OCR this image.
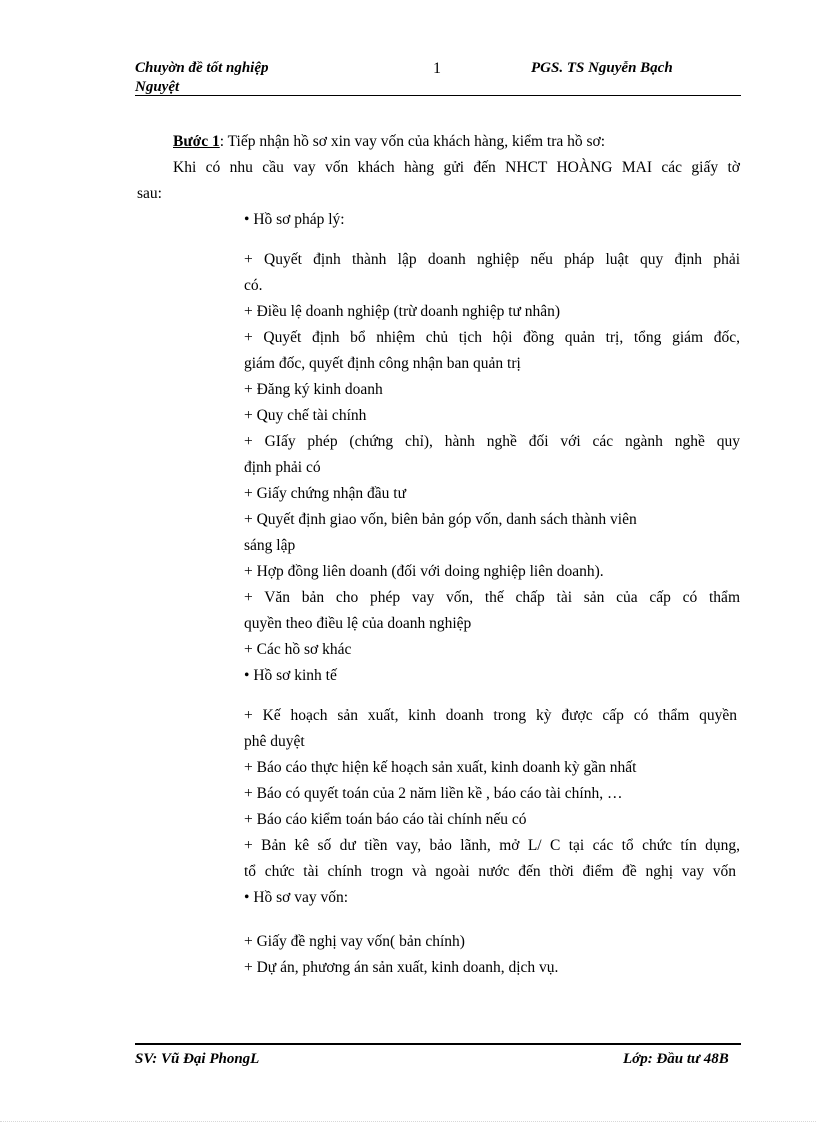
Chuyờn đề tốt nghiệp
Nguyệt
1	PGS. TS Nguyễn Bạch
Bước 1: Tiếp nhận hồ sơ xin vay vốn của khách hàng, kiểm tra hồ sơ:
Khi có nhu cầu vay vốn khách hàng gửi đến NHCT HOÀNG MAI các giấy tờ
sau:
• Hồ sơ pháp lý:
+ Quyết định thành lập doanh nghiệp nếu pháp luật quy định phải
có.
+ Điều lệ doanh nghiệp (trừ doanh nghiệp tư nhân)
+ Quyết định bổ nhiệm chủ tịch hội đồng quản trị, tổng giám đốc,
giám đốc, quyết định công nhận ban quản trị
+ Đăng ký kinh doanh
+ Quy chế tài chính
+ GIấy phép (chứng chỉ), hành nghề đối với các ngành nghề quy
định phải có
+ Giấy chứng nhận đầu tư
+ Quyết định giao vốn, biên bản góp vốn, danh sách thành viên
sáng lập
+ Hợp đồng liên doanh (đối với doing nghiệp liên doanh).
+ Văn bản cho phép vay vốn, thế chấp tài sản của cấp có thẩm
quyền theo điều lệ của doanh nghiệp
+ Các hồ sơ khác
• Hồ sơ kinh tế
+ Kế hoạch sản xuất, kinh doanh trong kỳ được cấp có thẩm quyền
phê duyệt
+ Báo cáo thực hiện kế hoạch sản xuất, kinh doanh kỳ gần nhất
+ Báo có quyết toán của 2 năm liền kề , báo cáo tài chính, …
+ Báo cáo kiểm toán báo cáo tài chính nếu có
+ Bản kê số dư tiền vay, bảo lãnh, mở L/ C tại các tổ chức tín dụng,
tổ chức tài chính trogn và ngoài nước đến thời điểm đề nghị vay vốn
• Hồ sơ vay vốn:
+ Giấy đề nghị vay vốn( bản chính)
+ Dự án, phương án sản xuất, kinh doanh, dịch vụ.
SV: Vũ Đại PhongL	Lớp: Đầu tư 48B
